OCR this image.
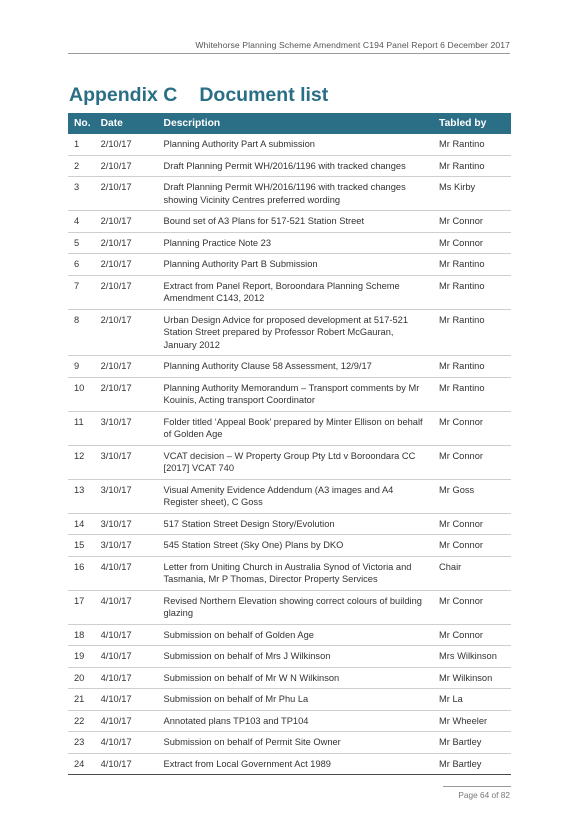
Whitehorse Planning Scheme Amendment C194 Panel Report 6 December 2017
Appendix C Document list
No.	Date	Description	Tabled by
1	2/10/17	Planning Authority Part A submission	Mr Rantino
2	2/10/17	Draft Planning Permit WH/2016/1196 with tracked changes	Mr Rantino
3	2/10/17	Draft Planning Permit WH/2016/1196 with tracked changes showing Vicinity Centres preferred wording	Ms Kirby
4	2/10/17	Bound set of A3 Plans for 517-521 Station Street	Mr Connor
5	2/10/17	Planning Practice Note 23	Mr Connor
6	2/10/17	Planning Authority Part B Submission	Mr Rantino
7	2/10/17	Extract from Panel Report, Boroondara Planning Scheme Amendment C143, 2012	Mr Rantino
8	2/10/17	Urban Design Advice for proposed development at 517-521 Station Street prepared by Professor Robert McGauran, January 2012	Mr Rantino
9	2/10/17	Planning Authority Clause 58 Assessment, 12/9/17	Mr Rantino
10	2/10/17	Planning Authority Memorandum – Transport comments by Mr Kouinis, Acting transport Coordinator	Mr Rantino
11	3/10/17	Folder titled ‘Appeal Book’ prepared by Minter Ellison on behalf of Golden Age	Mr Connor
12	3/10/17	VCAT decision – W Property Group Pty Ltd v Boroondara CC [2017] VCAT 740	Mr Connor
13	3/10/17	Visual Amenity Evidence Addendum (A3 images and A4 Register sheet), C Goss	Mr Goss
14	3/10/17	517 Station Street Design Story/Evolution	Mr Connor
15	3/10/17	545 Station Street (Sky One) Plans by DKO	Mr Connor
16	4/10/17	Letter from Uniting Church in Australia Synod of Victoria and Tasmania, Mr P Thomas, Director Property Services	Chair
17	4/10/17	Revised Northern Elevation showing correct colours of building glazing	Mr Connor
18	4/10/17	Submission on behalf of Golden Age	Mr Connor
19	4/10/17	Submission on behalf of Mrs J Wilkinson	Mrs Wilkinson
20	4/10/17	Submission on behalf of Mr W N Wilkinson	Mr Wilkinson
21	4/10/17	Submission on behalf of Mr Phu La	Mr La
22	4/10/17	Annotated plans TP103 and TP104	Mr Wheeler
23	4/10/17	Submission on behalf of Permit Site Owner	Mr Bartley
24	4/10/17	Extract from Local Government Act 1989	Mr Bartley
Page 64 of 82
